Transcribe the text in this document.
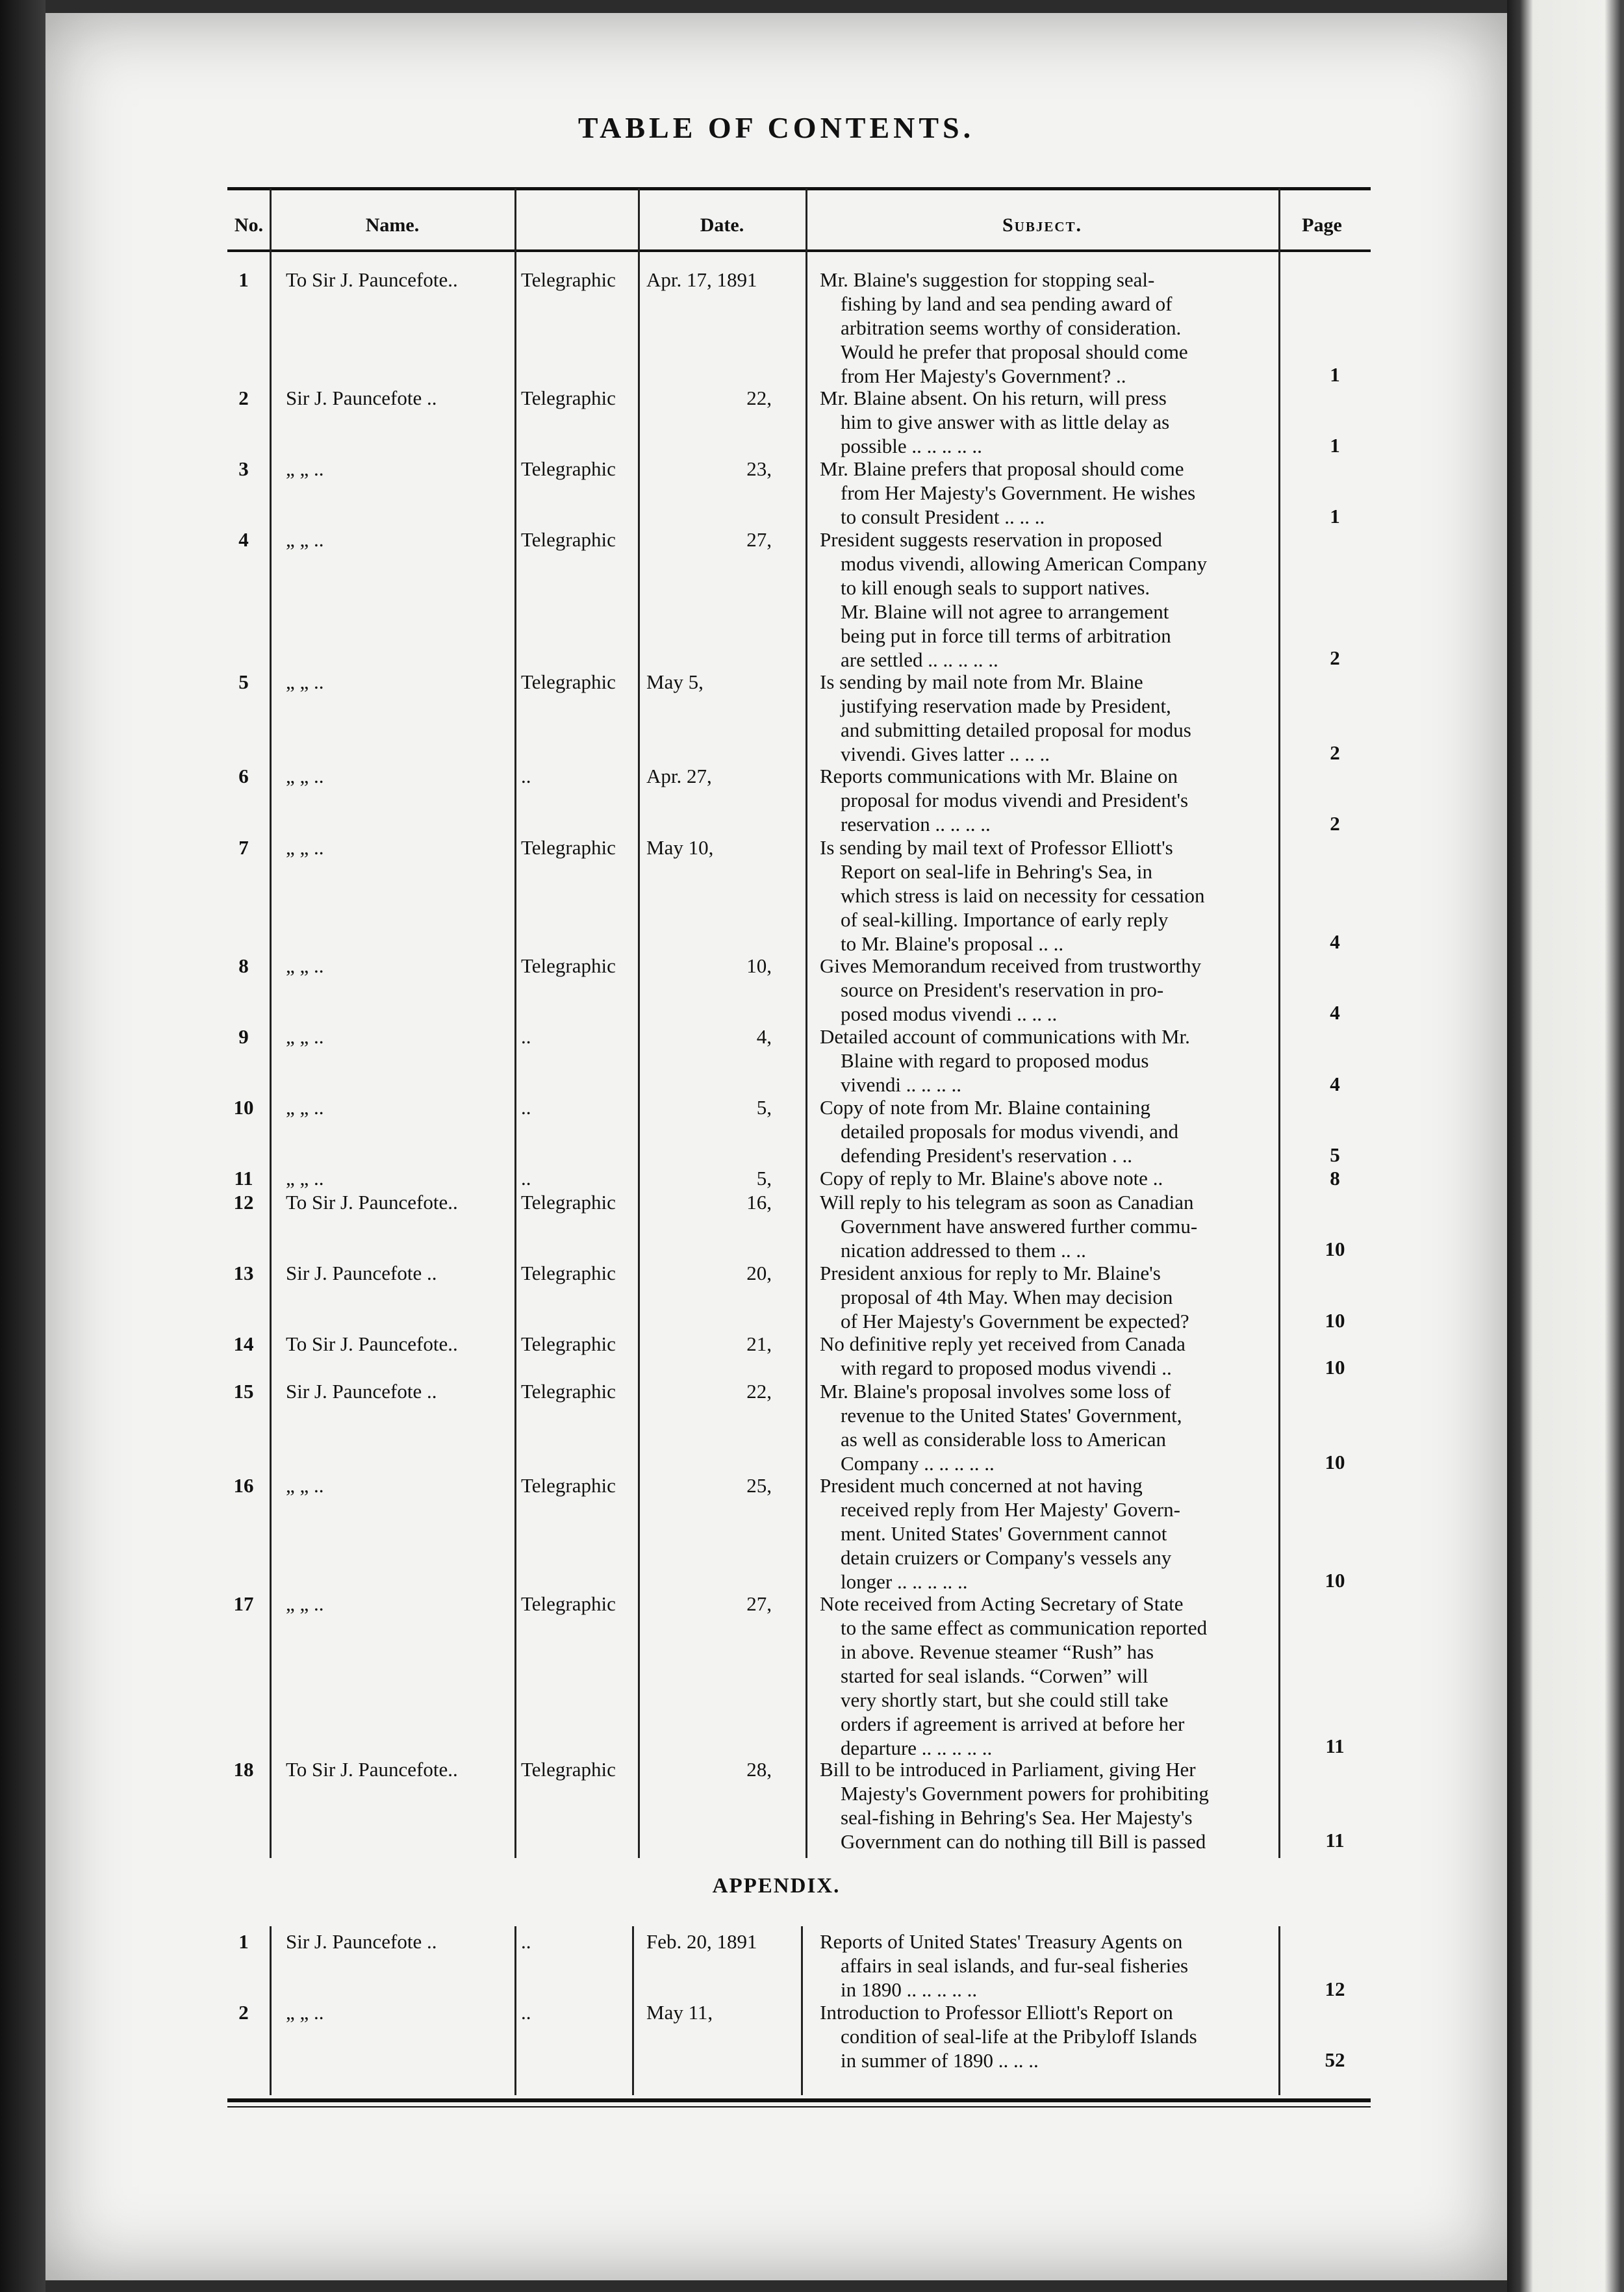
TABLE OF CONTENTS.
No.	Name.	Date.	Subject.	Page
1	To Sir J. Pauncefote..	Telegraphic	Apr. 17, 1891	Mr. Blaine's suggestion for stopping seal-
fishing by land and sea pending award of
arbitration seems worthy of consideration.
Would he prefer that proposal should come
from Her Majesty's Government? ..	1
2	Sir J. Pauncefote ..	Telegraphic	22, Mr. Blaine absent. On his return, will press
him to give answer with as little delay as
possible .. .. .. .. ..	1
3	„ „ ..	Telegraphic	23, Mr. Blaine prefers that proposal should come
from Her Majesty's Government. He wishes
to consult President .. .. ..	1
4	„ „ ..	Telegraphic	27, President suggests reservation in proposed
modus vivendi, allowing American Company
to kill enough seals to support natives.
Mr. Blaine will not agree to arrangement
being put in force till terms of arbitration
are settled .. .. .. .. ..	2
5	„ „ ..	Telegraphic	May 5,	Is sending by mail note from Mr. Blaine
justifying reservation made by President,
and submitting detailed proposal for modus
vivendi. Gives latter .. .. ..	2
6	„ „ ..	..	Apr. 27,	Reports communications with Mr. Blaine on
proposal for modus vivendi and President's
reservation .. .. .. ..	2
7	„ „ ..	Telegraphic	May 10,	Is sending by mail text of Professor Elliott's
Report on seal-life in Behring's Sea, in
which stress is laid on necessity for cessation
of seal-killing. Importance of early reply
to Mr. Blaine's proposal .. ..	4
8	„ „ ..	Telegraphic	10, Gives Memorandum received from trustworthy
source on President's reservation in pro-
posed modus vivendi .. .. ..	4
9	„ „ ..	..	4, Detailed account of communications with Mr.
Blaine with regard to proposed modus
vivendi .. .. .. ..	4
10	„ „ ..	..	5, Copy of note from Mr. Blaine containing
detailed proposals for modus vivendi, and
defending President's reservation . ..	5
11	„ „ ..	..	5, Copy of reply to Mr. Blaine's above note ..	8
12	To Sir J. Pauncefote..	Telegraphic	16, Will reply to his telegram as soon as Canadian
Government have answered further commu-
nication addressed to them .. ..	10
13	Sir J. Pauncefote ..	Telegraphic	20, President anxious for reply to Mr. Blaine's
proposal of 4th May. When may decision
of Her Majesty's Government be expected?	10
14	To Sir J. Pauncefote..	Telegraphic	21, No definitive reply yet received from Canada
with regard to proposed modus vivendi ..	10
15	Sir J. Pauncefote ..	Telegraphic	22, Mr. Blaine's proposal involves some loss of
revenue to the United States' Government,
as well as considerable loss to American
Company .. .. .. .. ..	10
16	„ „ ..	Telegraphic	25, President much concerned at not having
received reply from Her Majesty' Govern-
ment. United States' Government cannot
detain cruizers or Company's vessels any
longer .. .. .. .. ..	10
17	„ „ ..	Telegraphic	27, Note received from Acting Secretary of State
to the same effect as communication reported
in above. Revenue steamer “Rush” has
started for seal islands. “Corwen” will
very shortly start, but she could still take
orders if agreement is arrived at before her
departure .. .. .. .. ..	11
18	To Sir J. Pauncefote..	Telegraphic	28, Bill to be introduced in Parliament, giving Her
Majesty's Government powers for prohibiting
seal-fishing in Behring's Sea. Her Majesty's
Government can do nothing till Bill is passed	11
APPENDIX.
1	Sir J. Pauncefote ..	..	Feb. 20, 1891	Reports of United States' Treasury Agents on
affairs in seal islands, and fur-seal fisheries
in 1890 .. .. .. .. ..	12
2	„ „ ..	..	May 11,	Introduction to Professor Elliott's Report on
condition of seal-life at the Pribyloff Islands
in summer of 1890 .. .. ..	52
